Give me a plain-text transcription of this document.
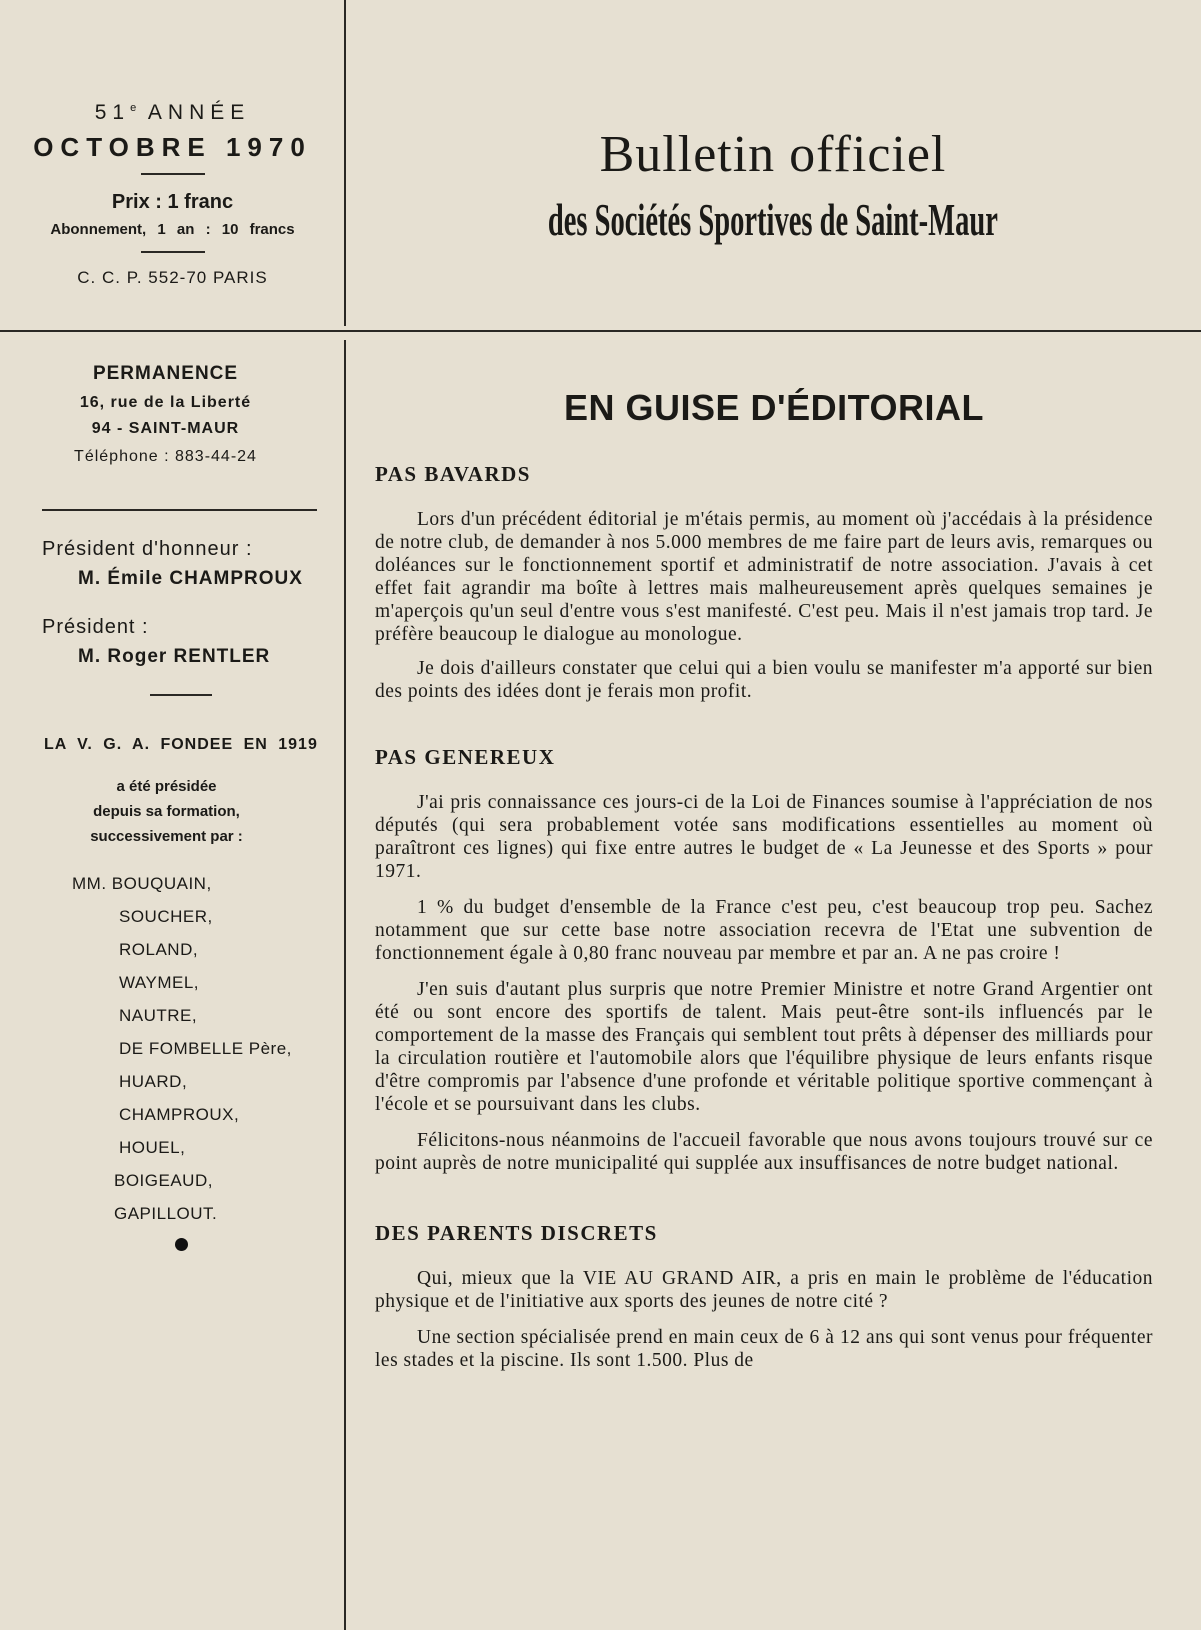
51e ANNÉE

OCTOBRE 1970

Prix : 1 franc

Abonnement, 1 an : 10 francs

C. C. P. 552-70 PARIS

Bulletin officiel

des Sociétés Sportives de Saint-Maur

PERMANENCE

16, rue de la Liberté

94 - SAINT-MAUR

Téléphone : 883-44-24

Président d'honneur :

M. Émile CHAMPROUX

Président :

M. Roger RENTLER

LA V. G. A. FONDEE EN 1919

a été présidée

depuis sa formation,

successivement par :

MM. BOUQUAIN,
SOUCHER,
ROLAND,
WAYMEL,
NAUTRE,
DE FOMBELLE Père,
HUARD,
CHAMPROUX,
HOUEL,
BOIGEAUD,
GAPILLOUT.
EN GUISE D'ÉDITORIAL
PAS BAVARDS

Lors d'un précédent éditorial je m'étais permis, au moment où j'accédais à la présidence de notre club, de demander à nos 5.000 membres de me faire part de leurs avis, remarques ou doléances sur le fonctionnement sportif et administratif de notre association. J'avais à cet effet fait agrandir ma boîte à lettres mais malheureusement après quelques semaines je m'aperçois qu'un seul d'entre vous s'est manifesté. C'est peu. Mais il n'est jamais trop tard. Je préfère beaucoup le dialogue au monologue.

Je dois d'ailleurs constater que celui qui a bien voulu se manifester m'a apporté sur bien des points des idées dont je ferais mon profit.

PAS GENEREUX

J'ai pris connaissance ces jours-ci de la Loi de Finances soumise à l'appréciation de nos députés (qui sera probablement votée sans modifications essentielles au moment où paraîtront ces lignes) qui fixe entre autres le budget de « La Jeunesse et des Sports » pour 1971.

1 % du budget d'ensemble de la France c'est peu, c'est beaucoup trop peu. Sachez notamment que sur cette base notre association recevra de l'Etat une subvention de fonctionnement égale à 0,80 franc nouveau par membre et par an. A ne pas croire !

J'en suis d'autant plus surpris que notre Premier Ministre et notre Grand Argentier ont été ou sont encore des sportifs de talent. Mais peut-être sont-ils influencés par le comportement de la masse des Français qui semblent tout prêts à dépenser des milliards pour la circulation routière et l'automobile alors que l'équilibre physique de leurs enfants risque d'être compromis par l'absence d'une profonde et véritable politique sportive commençant à l'école et se poursuivant dans les clubs.

Félicitons-nous néanmoins de l'accueil favorable que nous avons toujours trouvé sur ce point auprès de notre municipalité qui supplée aux insuffisances de notre budget national.

DES PARENTS DISCRETS

Qui, mieux que la VIE AU GRAND AIR, a pris en main le problème de l'éducation physique et de l'initiative aux sports des jeunes de notre cité ?

Une section spécialisée prend en main ceux de 6 à 12 ans qui sont venus pour fréquenter les stades et la piscine. Ils sont 1.500. Plus de
